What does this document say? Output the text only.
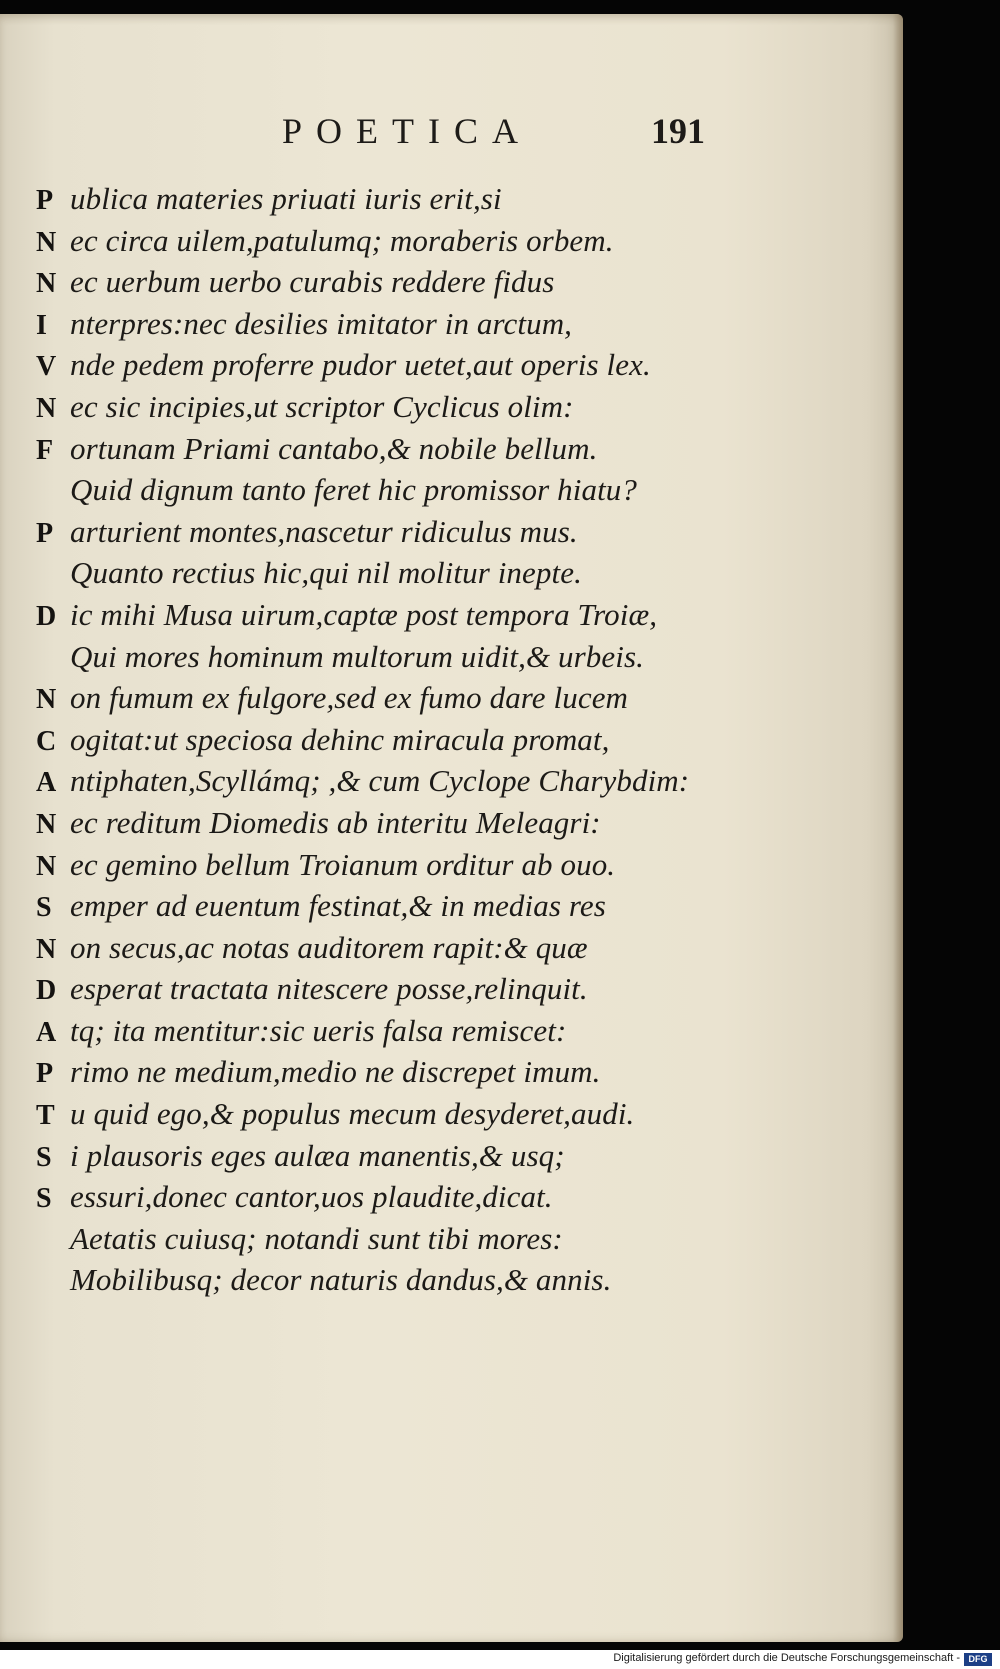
POETICA	191
P ublica materies priuati iuris erit,si
N ec circa uilem,patulumq; moraberis orbem.
N ec uerbum uerbo curabis reddere fidus
I nterpres:nec desilies imitator in arctum,
V nde pedem proferre pudor uetet,aut operis lex.
N ec sic incipies,ut scriptor Cyclicus olim:
F ortunam Priami cantabo,& nobile bellum.
Quid dignum tanto feret hic promissor hiatu?
P arturient montes,nascetur ridiculus mus.
Quanto rectius hic,qui nil molitur inepte.
D ic mihi Musa uirum,captæ post tempora Troiæ,
Qui mores hominum multorum uidit,& urbeis.
N on fumum ex fulgore,sed ex fumo dare lucem
C ogitat:ut speciosa dehinc miracula promat,
A ntiphaten,Scyllámq; ,& cum Cyclope Charybdim:
N ec reditum Diomedis ab interitu Meleagri:
N ec gemino bellum Troianum orditur ab ouo.
S emper ad euentum festinat,& in medias res
N on secus,ac notas auditorem rapit:& quæ
D esperat tractata nitescere posse,relinquit.
A tq; ita mentitur:sic ueris falsa remiscet:
P rimo ne medium,medio ne discrepet imum.
T u quid ego,& populus mecum desyderet,audi.
S i plausoris eges aulæa manentis,& usq;
S essuri,donec cantor,uos plaudite,dicat.
Aetatis cuiusq; notandi sunt tibi mores:
Mobilibusq; decor naturis dandus,& annis.
Digitalisierung gefördert durch die Deutsche Forschungsgemeinschaft - DFG
